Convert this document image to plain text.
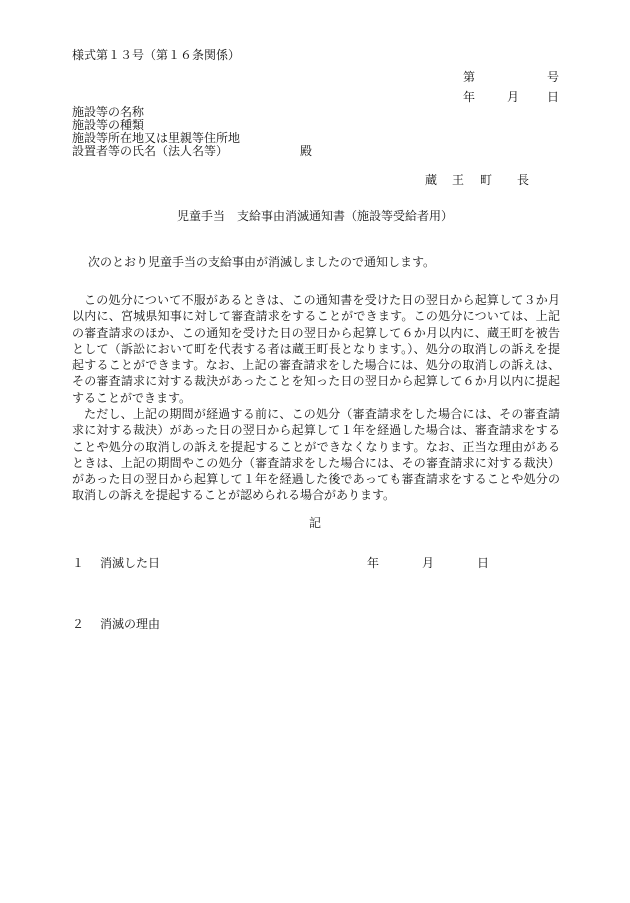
様式第１３号（第１６条関係）
第	号
年	月 日
施設等の名称
施設等の種類
施設等所在地又は里親等住所地
設置者等の氏名（法人名等）	殿
蔵 王 町 長
児童手当　支給事由消滅通知書（施設等受給者用）
次のとおり児童手当の支給事由が消滅しましたので通知します。
この処分について不服があるときは、この通知書を受けた日の翌日から起算して３か月以内に、宮城県知事に対して審査請求をすることができます。この処分については、上記の審査請求のほか、この通知を受けた日の翌日から起算して６か月以内に、蔵王町を被告として（訴訟において町を代表する者は蔵王町長となります。）、処分の取消しの訴えを提起することができます。なお、上記の審査請求をした場合には、処分の取消しの訴えは、その審査請求に対する裁決があったことを知った日の翌日から起算して６か月以内に提起することができます。
ただし、上記の期間が経過する前に、この処分（審査請求をした場合には、その審査請求に対する裁決）があった日の翌日から起算して１年を経過した場合は、審査請求をすることや処分の取消しの訴えを提起することができなくなります。なお、正当な理由があるときは、上記の期間やこの処分（審査請求をした場合には、その審査請求に対する裁決）があった日の翌日から起算して１年を経過した後であっても審査請求をすることや処分の取消しの訴えを提起することが認められる場合があります。
記
１ 消滅した日	年	月	日
２ 消滅の理由
